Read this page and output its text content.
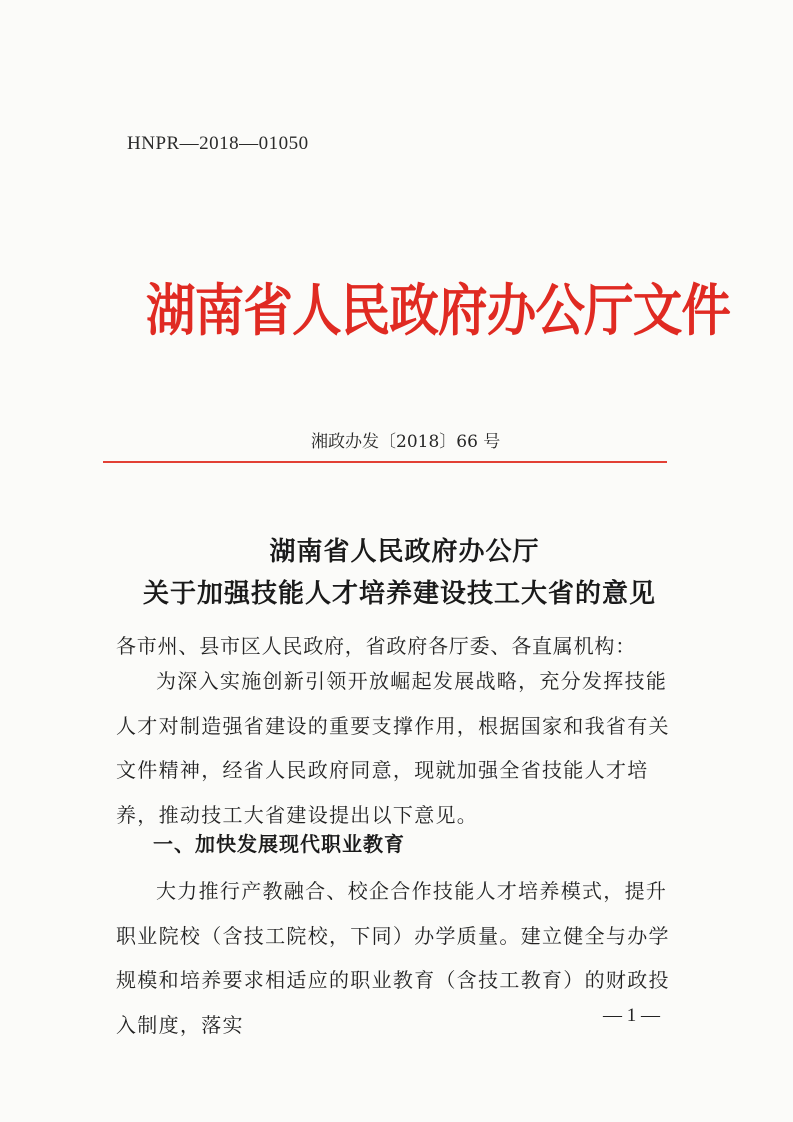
HNPR—2018—01050
湖南省人民政府办公厅文件
湘政办发〔2018〕66 号
湖南省人民政府办公厅
关于加强技能人才培养建设技工大省的意见
各市州、县市区人民政府，省政府各厅委、各直属机构：
为深入实施创新引领开放崛起发展战略，充分发挥技能人才对制造强省建设的重要支撑作用，根据国家和我省有关文件精神，经省人民政府同意，现就加强全省技能人才培养，推动技工大省建设提出以下意见。
一、加快发展现代职业教育
大力推行产教融合、校企合作技能人才培养模式，提升职业院校（含技工院校，下同）办学质量。建立健全与办学规模和培养要求相适应的职业教育（含技工教育）的财政投入制度，落实	— 1 —
